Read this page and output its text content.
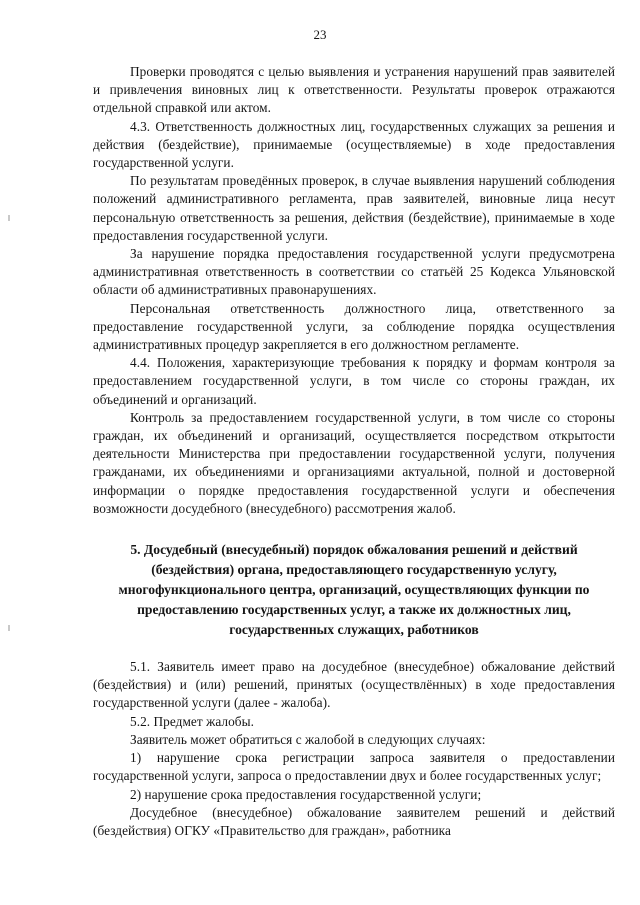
23

Проверки проводятся с целью выявления и устранения нарушений прав заявителей и привлечения виновных лиц к ответственности. Результаты проверок отражаются отдельной справкой или актом.

4.3. Ответственность должностных лиц, государственных служащих за решения и действия (бездействие), принимаемые (осуществляемые) в ходе предоставления государственной услуги.

По результатам проведённых проверок, в случае выявления нарушений соблюдения положений административного регламента, прав заявителей, виновные лица несут персональную ответственность за решения, действия (бездействие), принимаемые в ходе предоставления государственной услуги.

За нарушение порядка предоставления государственной услуги предусмотрена административная ответственность в соответствии со статьёй 25 Кодекса Ульяновской области об административных правонарушениях.

Персональная ответственность должностного лица, ответственного за предоставление государственной услуги, за соблюдение порядка осуществления административных процедур закрепляется в его должностном регламенте.

4.4. Положения, характеризующие требования к порядку и формам контроля за предоставлением государственной услуги, в том числе со стороны граждан, их объединений и организаций.

Контроль за предоставлением государственной услуги, в том числе со стороны граждан, их объединений и организаций, осуществляется посредством открытости деятельности Министерства при предоставлении государственной услуги, получения гражданами, их объединениями и организациями актуальной, полной и достоверной информации о порядке предоставления государственной услуги и обеспечения возможности досудебного (внесудебного) рассмотрения жалоб.

5. Досудебный (внесудебный) порядок обжалования решений и действий (бездействия) органа, предоставляющего государственную услугу, многофункционального центра, организаций, осуществляющих функции по предоставлению государственных услуг, а также их должностных лиц, государственных служащих, работников

5.1. Заявитель имеет право на досудебное (внесудебное) обжалование действий (бездействия) и (или) решений, принятых (осуществлённых) в ходе предоставления государственной услуги (далее - жалоба).

5.2. Предмет жалобы.

Заявитель может обратиться с жалобой в следующих случаях:

1) нарушение срока регистрации запроса заявителя о предоставлении государственной услуги, запроса о предоставлении двух и более государственных услуг;

2) нарушение срока предоставления государственной услуги;

Досудебное (внесудебное) обжалование заявителем решений и действий (бездействия) ОГКУ «Правительство для граждан», работника
